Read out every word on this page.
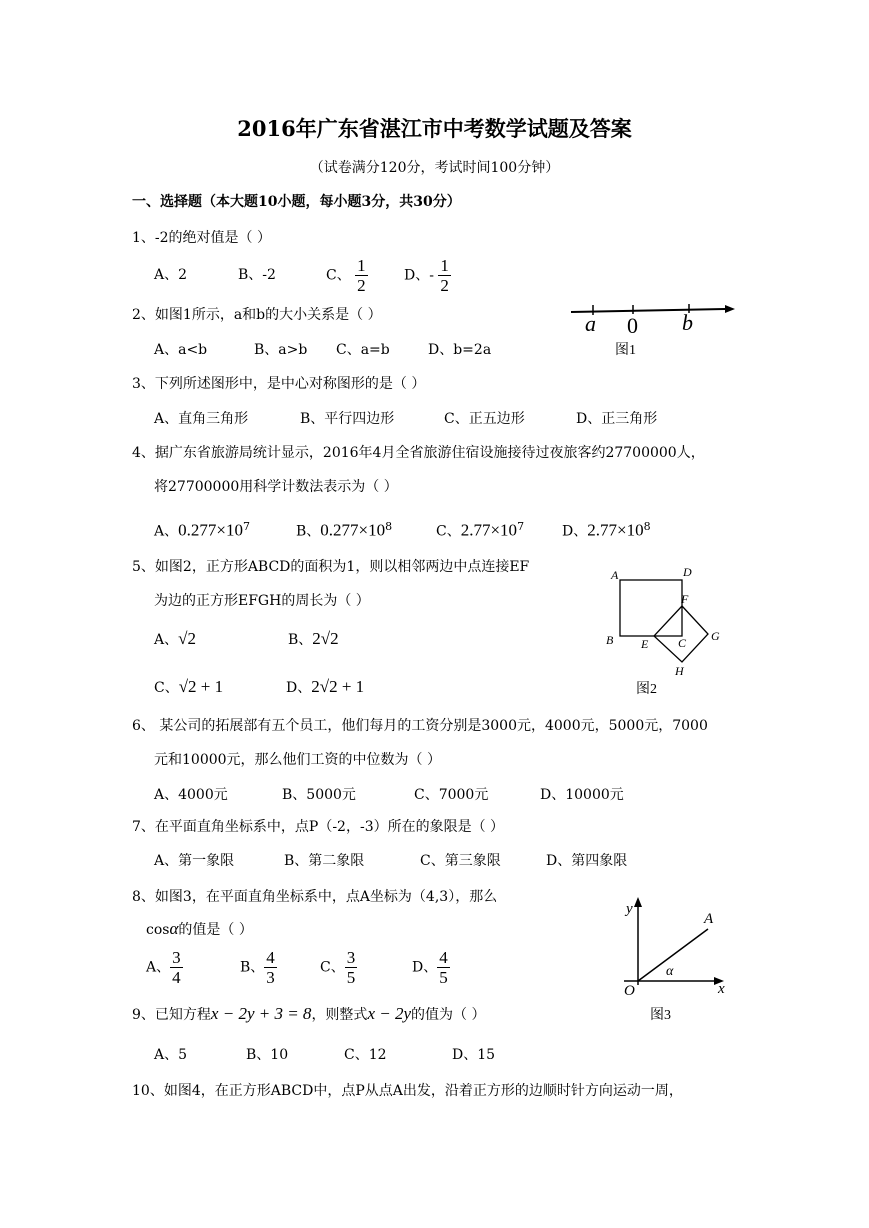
2016年广东省湛江市中考数学试题及答案
（试卷满分120分，考试时间100分钟）
一、选择题（本大题10小题，每小题3分，共30分）
1、-2的绝对值是（ ）
A、2	B、-2	C、 $\frac{1}{2}$	D、- $\frac{1}{2}$
2、如图1所示，a和b的大小关系是（ ）
A、a<b	B、a>b C、a=b	D、b=2a
a 0 b
图1
3、下列所述图形中，是中心对称图形的是（ ）
A、直角三角形	B、平行四边形	C、正五边形	D、正三角形
4、据广东省旅游局统计显示，2016年4月全省旅游住宿设施接待过夜旅客约27700000人，
将27700000用科学计数法表示为（ ）
A、$0.277\times 10^7$	B、$0.277\times 10^8$	C、$2.77\times 10^7$	D、$2.77\times 10^8$
5、如图2，正方形ABCD的面积为1，则以相邻两边中点连接EF
为边的正方形EFGH的周长为（ ）
A、√2	B、2√2
C、√2 + 1	D、2√2 + 1
A	D
B E C
F
G
H
图2
6、 某公司的拓展部有五个员工，他们每月的工资分别是3000元，4000元，5000元，7000
元和10000元，那么他们工资的中位数为（ ）
A、4000元	B、5000元	C、7000元	D、10000元
7、在平面直角坐标系中，点P（-2，-3）所在的象限是（ ）
A、第一象限	B、第二象限	C、第三象限	D、第四象限
8、如图3，在平面直角坐标系中，点A坐标为（4,3），那么
cosα的值是（ ）
A、 $\frac{3}{4}$	B、 $\frac{4}{3}$	C、 $\frac{3}{5}$	D、 $\frac{4}{5}$
y
x
O
A
α
图3
9、已知方程x − 2y + 3 = 8，则整式x − 2y的值为（ ）
A、5	B、10	C、12	D、15
10、如图4，在正方形ABCD中，点P从点A出发，沿着正方形的边顺时针方向运动一周，
